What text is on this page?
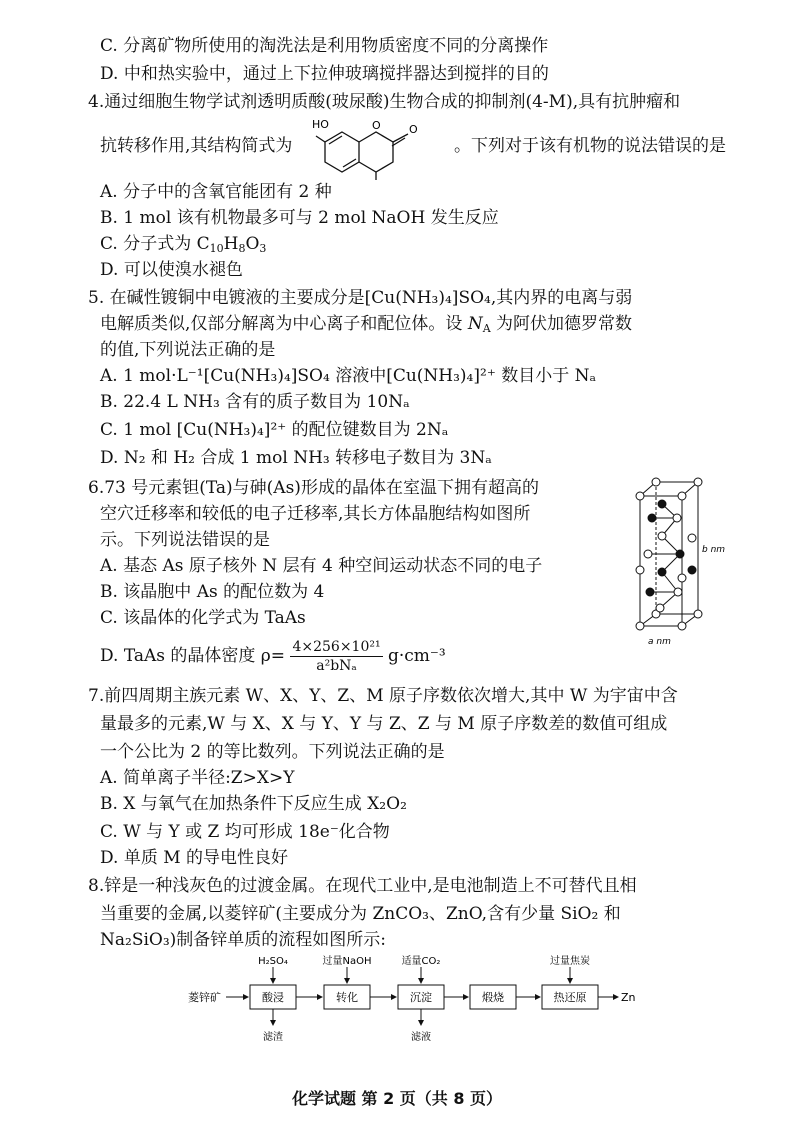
C. 分离矿物所使用的淘洗法是利用物质密度不同的分离操作
D. 中和热实验中，通过上下拉伸玻璃搅拌器达到搅拌的目的
4.通过细胞生物学试剂透明质酸(玻尿酸)生物合成的抑制剂(4-M),具有抗肿瘤和
抗转移作用,其结构简式为
HO	O	O
。下列对于该有机物的说法错误的是
A. 分子中的含氧官能团有 2 种
B. 1 mol 该有机物最多可与 2 mol NaOH 发生反应
C. 分子式为 $C_{10}H_8O_3$
D. 可以使溴水褪色
5. 在碱性镀铜中电镀液的主要成分是[Cu(NH₃)₄]SO₄,其内界的电离与弱
电解质类似,仅部分解离为中心离子和配位体。设 $N_A$ 为阿伏加德罗常数
的值,下列说法正确的是
A. 1 mol·L⁻¹[Cu(NH₃)₄]SO₄ 溶液中[Cu(NH₃)₄]²⁺ 数目小于 Nₐ
B. 22.4 L NH₃ 含有的质子数目为 10Nₐ
C. 1 mol [Cu(NH₃)₄]²⁺ 的配位键数目为 2Nₐ
D. N₂ 和 H₂ 合成 1 mol NH₃ 转移电子数目为 3Nₐ
6.73 号元素钽(Ta)与砷(As)形成的晶体在室温下拥有超高的
空穴迁移率和较低的电子迁移率,其长方体晶胞结构如图所
示。下列说法错误的是
A. 基态 As 原子核外 N 层有 4 种空间运动状态不同的电子
B. 该晶胞中 As 的配位数为 4
C. 该晶体的化学式为 TaAs
D. TaAs 的晶体密度 $\rho= \frac{\text{4×256×10²¹}}{\text{a²bNₐ}} g\cdot cm^{-3}$
b nm
a nm
7.前四周期主族元素 W、X、Y、Z、M 原子序数依次增大,其中 W 为宇宙中含
量最多的元素,W 与 X、X 与 Y、Y 与 Z、Z 与 M 原子序数差的数值可组成
一个公比为 2 的等比数列。下列说法正确的是
A. 简单离子半径:Z>X>Y
B. X 与氧气在加热条件下反应生成 X₂O₂
C. W 与 Y 或 Z 均可形成 18e⁻化合物
D. 单质 M 的导电性良好
8.锌是一种浅灰色的过渡金属。在现代工业中,是电池制造上不可替代且相
当重要的金属,以菱锌矿(主要成分为 ZnCO₃、ZnO,含有少量 SiO₂ 和
Na₂SiO₃)制备锌单质的流程如图所示:
菱锌矿	酸浸	转化	沉淀	煅烧	热还原	Zn
H₂SO₄	过量NaOH	适量CO₂	过量焦炭
滤渣	滤液
化学试题 第 2 页（共 8 页）
